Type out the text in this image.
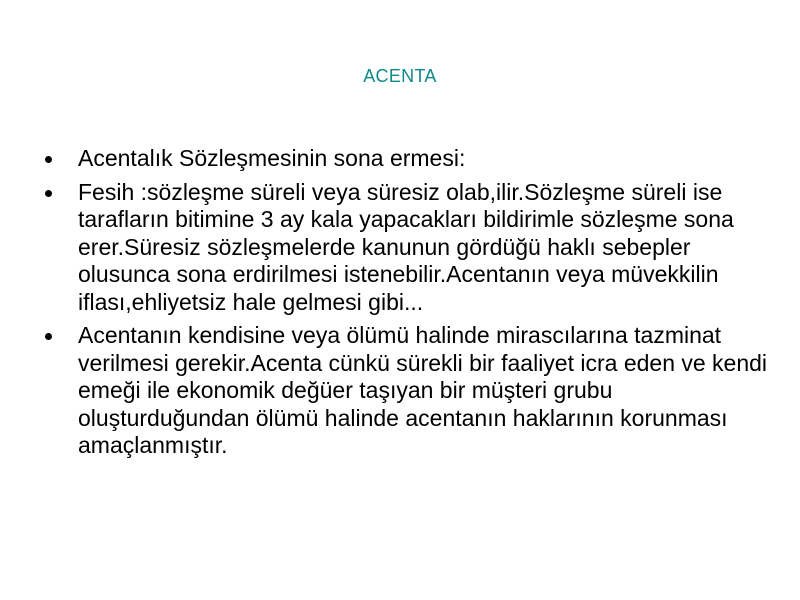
ACENTA
Acentalık Sözleşmesinin sona ermesi:
Fesih :sözleşme süreli veya süresiz olab,ilir.Sözleşme süreli ise tarafların bitimine 3 ay kala yapacakları bildirimle sözleşme sona erer.Süresiz sözleşmelerde kanunun gördüğü haklı sebepler olusunca sona erdirilmesi istenebilir.Acentanın veya müvekkilin iflası,ehliyetsiz hale gelmesi gibi...
Acentanın kendisine veya ölümü halinde mirascılarına tazminat verilmesi gerekir.Acenta cünkü sürekli bir faaliyet icra eden ve kendi emeği ile ekonomik değüer taşıyan bir müşteri grubu oluşturduğundan ölümü halinde acentanın haklarının korunması amaçlanmıştır.
